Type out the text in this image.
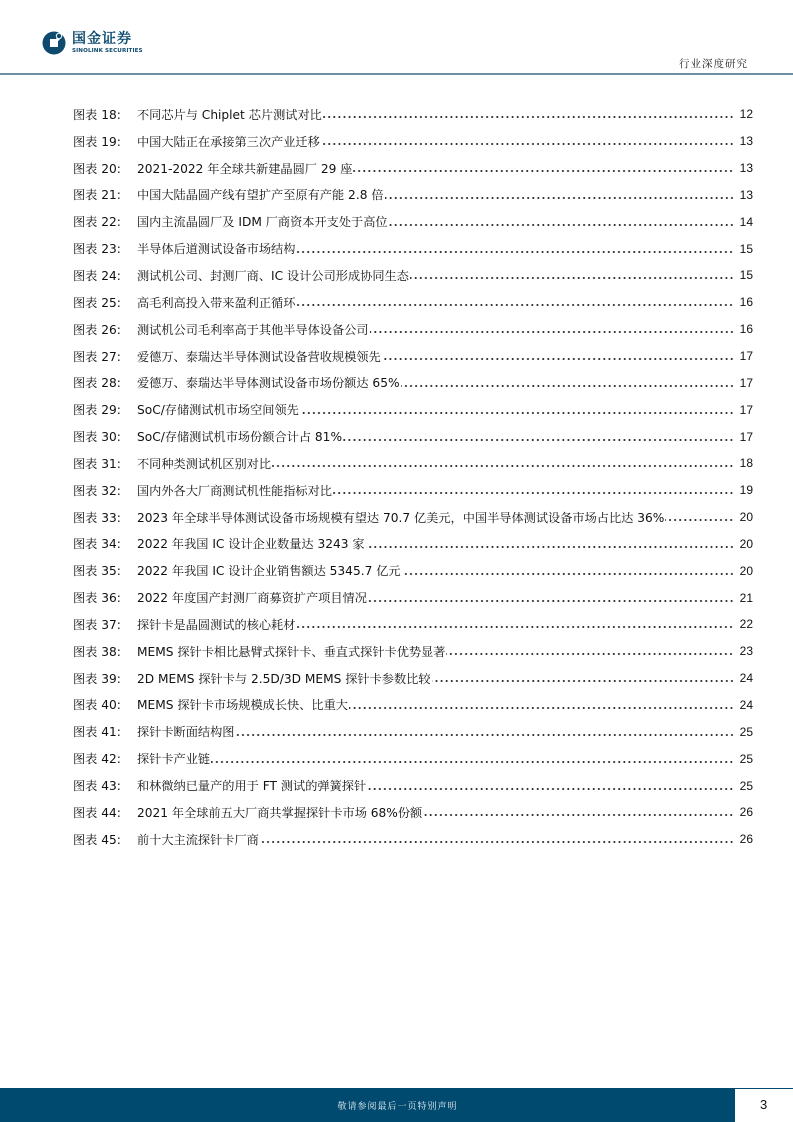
国金证券
SINOLINK SECURITIES
行业深度研究
图表 18:	不同芯片与 Chiplet 芯片测试对比	12
图表 19:	中国大陆正在承接第三次产业迁移	13
图表 20:	2021-2022 年全球共新建晶圆厂 29 座	13
图表 21:	中国大陆晶圆产线有望扩产至原有产能 2.8 倍	13
图表 22:	国内主流晶圆厂及 IDM 厂商资本开支处于高位	14
图表 23:	半导体后道测试设备市场结构	15
图表 24:	测试机公司、封测厂商、IC 设计公司形成协同生态	15
图表 25:	高毛利高投入带来盈利正循环	16
图表 26:	测试机公司毛利率高于其他半导体设备公司	16
图表 27:	爱德万、泰瑞达半导体测试设备营收规模领先	17
图表 28:	爱德万、泰瑞达半导体测试设备市场份额达 65%	17
图表 29:	SoC/存储测试机市场空间领先	17
图表 30:	SoC/存储测试机市场份额合计占 81%	17
图表 31:	不同种类测试机区别对比	18
图表 32:	国内外各大厂商测试机性能指标对比	19
图表 33:	2023 年全球半导体测试设备市场规模有望达 70.7 亿美元，中国半导体测试设备市场占比达 36%	20
图表 34:	2022 年我国 IC 设计企业数量达 3243 家	20
图表 35:	2022 年我国 IC 设计企业销售额达 5345.7 亿元	20
图表 36:	2022 年度国产封测厂商募资扩产项目情况	21
图表 37:	探针卡是晶圆测试的核心耗材	22
图表 38:	MEMS 探针卡相比悬臂式探针卡、垂直式探针卡优势显著	23
图表 39:	2D MEMS 探针卡与 2.5D/3D MEMS 探针卡参数比较	24
图表 40:	MEMS 探针卡市场规模成长快、比重大	24
图表 41:	探针卡断面结构图	25
图表 42:	探针卡产业链	25
图表 43:	和林微纳已量产的用于 FT 测试的弹簧探针	25
图表 44:	2021 年全球前五大厂商共掌握探针卡市场 68%份额	26
图表 45:	前十大主流探针卡厂商	26
敬请参阅最后一页特别声明	3
